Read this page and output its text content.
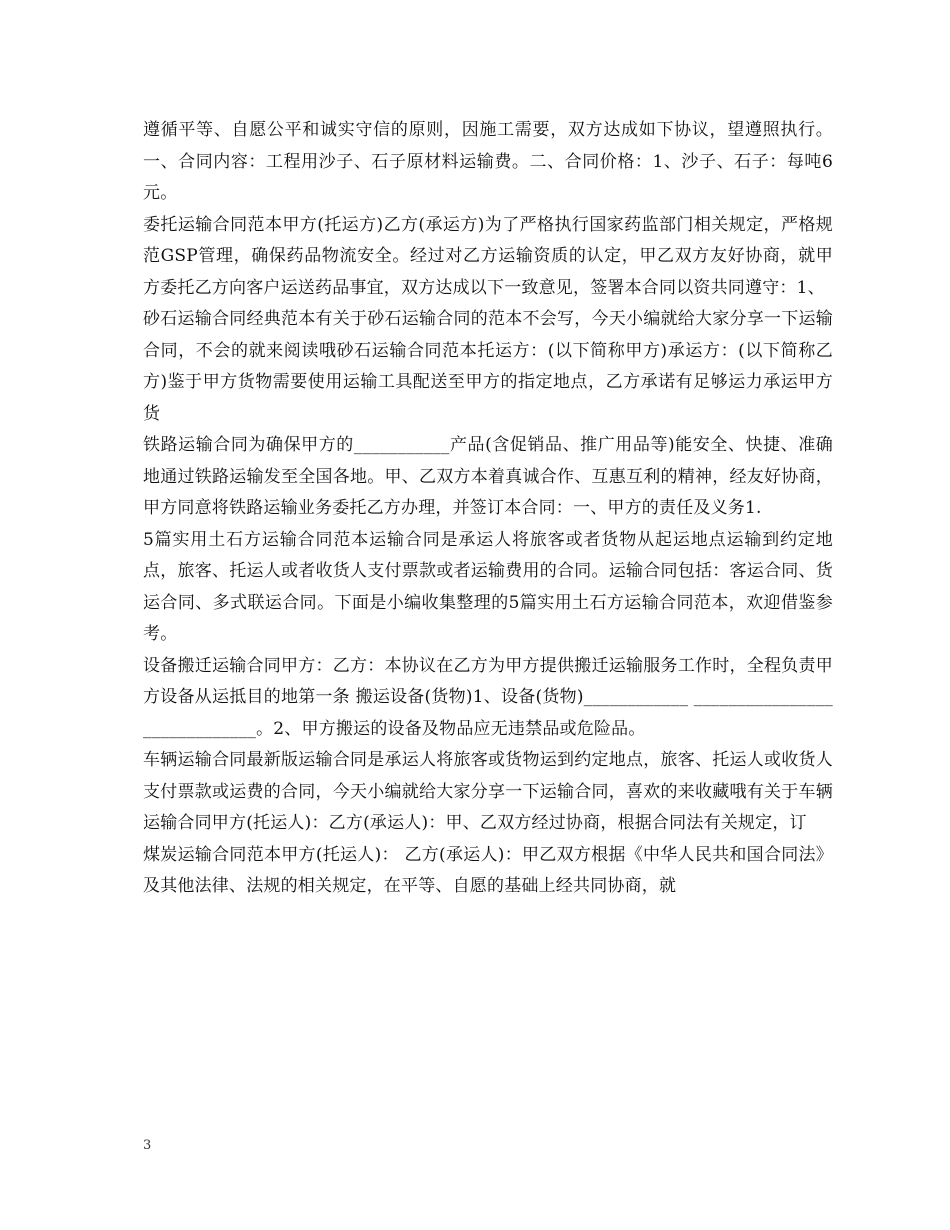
遵循平等、自愿公平和诚实守信的原则，因施工需要，双方达成如下协议，望遵照执行。一、合同内容：工程用沙子、石子原材料运输费。二、合同价格：1、沙子、石子：每吨6元。

委托运输合同范本甲方(托运方)乙方(承运方)为了严格执行国家药监部门相关规定，严格规范GSP管理，确保药品物流安全。经过对乙方运输资质的认定，甲乙双方友好协商，就甲方委托乙方向客户运送药品事宜，双方达成以下一致意见，签署本合同以资共同遵守：1、

砂石运输合同经典范本有关于砂石运输合同的范本不会写，今天小编就给大家分享一下运输合同，不会的就来阅读哦砂石运输合同范本托运方：(以下简称甲方)承运方：(以下简称乙方)鉴于甲方货物需要使用运输工具配送至甲方的指定地点，乙方承诺有足够运力承运甲方货

铁路运输合同为确保甲方的___________产品(含促销品、推广用品等)能安全、快捷、准确地通过铁路运输发至全国各地。甲、乙双方本着真诚合作、互惠互利的精神，经友好协商，甲方同意将铁路运输业务委托乙方办理，并签订本合同：一、甲方的责任及义务1.

5篇实用土石方运输合同范本运输合同是承运人将旅客或者货物从起运地点运输到约定地点，旅客、托运人或者收货人支付票款或者运输费用的合同。运输合同包括：客运合同、货运合同、多式联运合同。下面是小编收集整理的5篇实用土石方运输合同范本，欢迎借鉴参考。

设备搬迁运输合同甲方：乙方：本协议在乙方为甲方提供搬迁运输服务工作时，全程负责甲方设备从运抵目的地第一条 搬运设备(货物)1、设备(货物)____________ _____________________________。2、甲方搬运的设备及物品应无违禁品或危险品。

车辆运输合同最新版运输合同是承运人将旅客或货物运到约定地点，旅客、托运人或收货人支付票款或运费的合同，今天小编就给大家分享一下运输合同，喜欢的来收藏哦有关于车辆运输合同甲方(托运人)：乙方(承运人)：甲、乙双方经过协商，根据合同法有关规定，订

煤炭运输合同范本甲方(托运人)： 乙方(承运人)：甲乙双方根据《中华人民共和国合同法》及其他法律、法规的相关规定，在平等、自愿的基础上经共同协商，就

3
